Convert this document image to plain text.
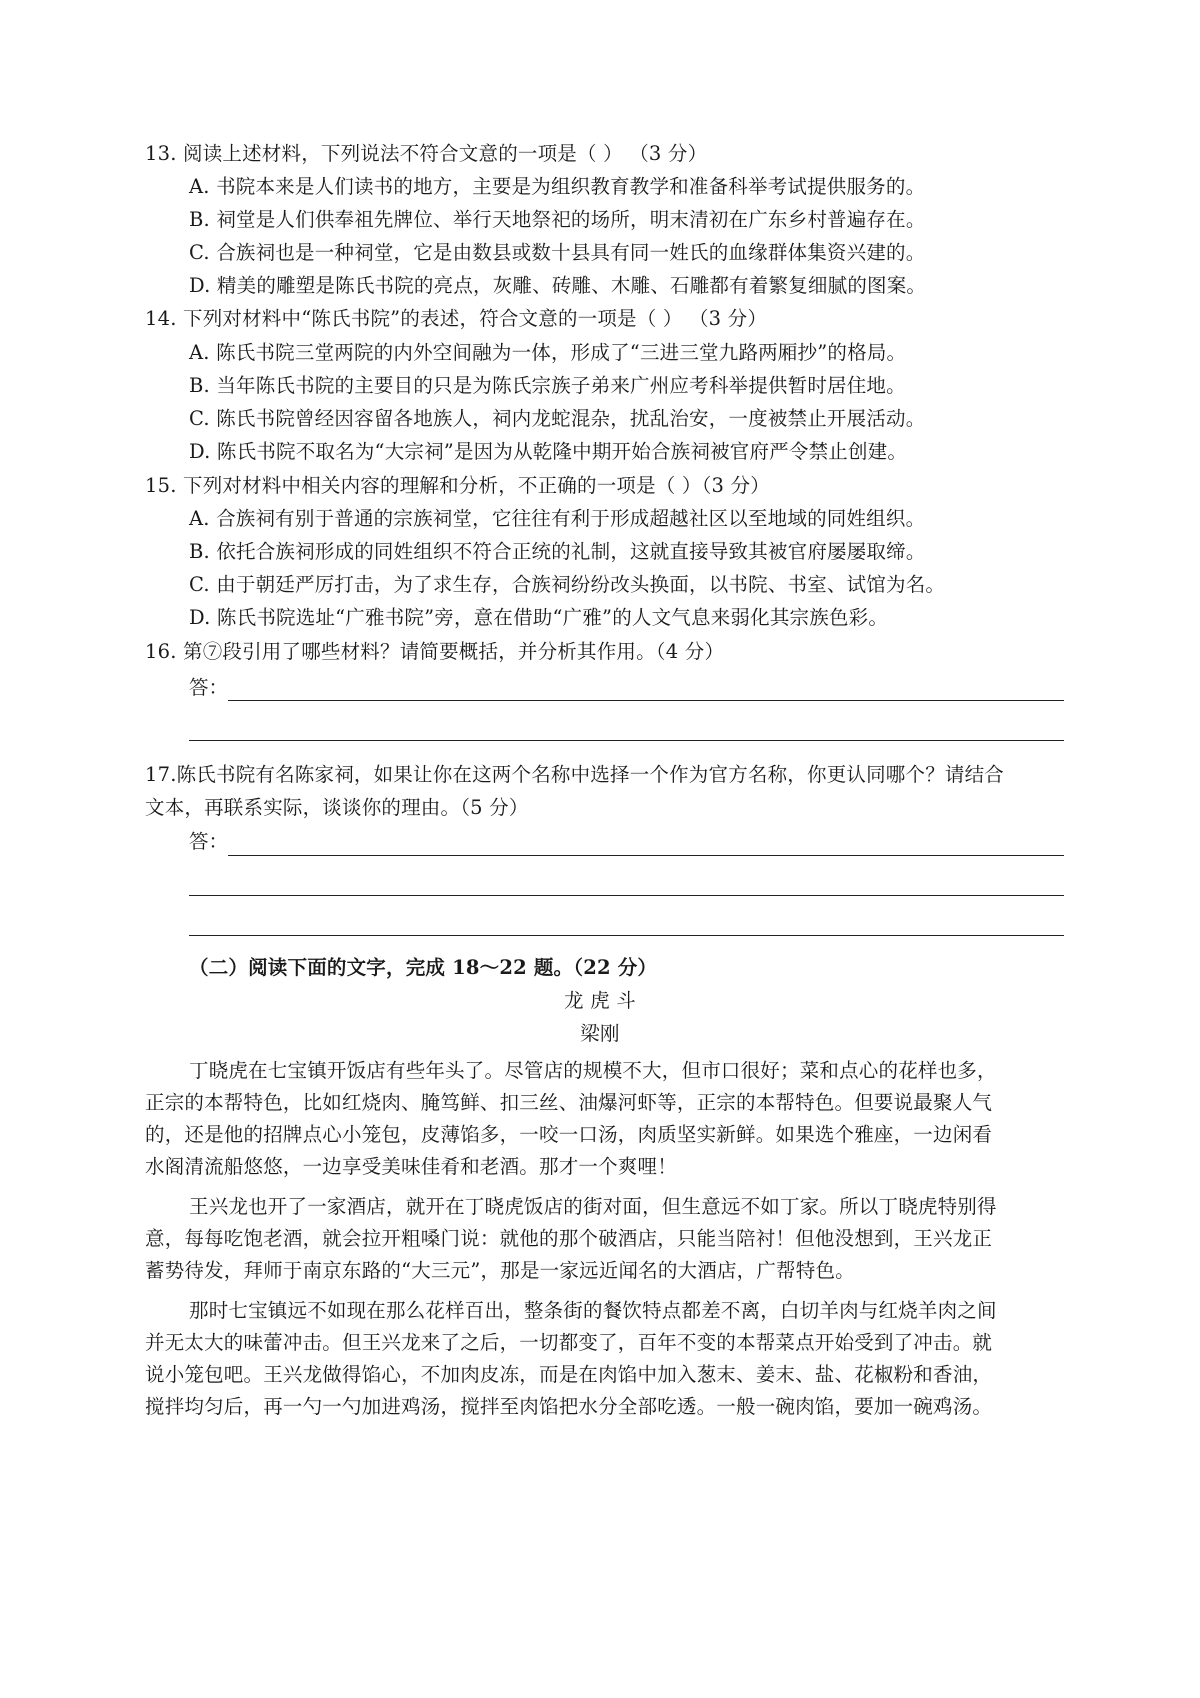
13. 阅读上述材料，下列说法不符合文意的一项是（ ） （3 分）
A. 书院本来是人们读书的地方，主要是为组织教育教学和准备科举考试提供服务的。
B. 祠堂是人们供奉祖先牌位、举行天地祭祀的场所，明末清初在广东乡村普遍存在。
C. 合族祠也是一种祠堂，它是由数县或数十县具有同一姓氏的血缘群体集资兴建的。
D. 精美的雕塑是陈氏书院的亮点，灰雕、砖雕、木雕、石雕都有着繁复细腻的图案。
14. 下列对材料中“陈氏书院”的表述，符合文意的一项是（ ） （3 分）
A. 陈氏书院三堂两院的内外空间融为一体，形成了“三进三堂九路两厢抄”的格局。
B. 当年陈氏书院的主要目的只是为陈氏宗族子弟来广州应考科举提供暂时居住地。
C. 陈氏书院曾经因容留各地族人，祠内龙蛇混杂，扰乱治安，一度被禁止开展活动。
D. 陈氏书院不取名为“大宗祠”是因为从乾隆中期开始合族祠被官府严令禁止创建。
15. 下列对材料中相关内容的理解和分析，不正确的一项是（ ）（3 分）
A. 合族祠有别于普通的宗族祠堂，它往往有利于形成超越社区以至地域的同姓组织。
B. 依托合族祠形成的同姓组织不符合正统的礼制，这就直接导致其被官府屡屡取缔。
C. 由于朝廷严厉打击，为了求生存，合族祠纷纷改头换面，以书院、书室、试馆为名。
D. 陈氏书院选址“广雅书院”旁，意在借助“广雅”的人文气息来弱化其宗族色彩。
16. 第⑦段引用了哪些材料？请简要概括，并分析其作用。（4 分）
答：
17.陈氏书院有名陈家祠，如果让你在这两个名称中选择一个作为官方名称，你更认同哪个？请结合
文本，再联系实际，谈谈你的理由。（5 分）
答：
（二）阅读下面的文字，完成 18～22 题。（22 分）
龙 虎 斗
梁刚
丁晓虎在七宝镇开饭店有些年头了。尽管店的规模不大，但市口很好；菜和点心的花样也多，
正宗的本帮特色，比如红烧肉、腌笃鲜、扣三丝、油爆河虾等，正宗的本帮特色。但要说最聚人气
的，还是他的招牌点心小笼包，皮薄馅多，一咬一口汤，肉质坚实新鲜。如果选个雅座，一边闲看
水阁清流船悠悠，一边享受美味佳肴和老酒。那才一个爽哩！
王兴龙也开了一家酒店，就开在丁晓虎饭店的街对面，但生意远不如丁家。所以丁晓虎特别得
意，每每吃饱老酒，就会拉开粗嗓门说：就他的那个破酒店，只能当陪衬！但他没想到，王兴龙正
蓄势待发，拜师于南京东路的“大三元”，那是一家远近闻名的大酒店，广帮特色。
那时七宝镇远不如现在那么花样百出，整条街的餐饮特点都差不离，白切羊肉与红烧羊肉之间
并无太大的味蕾冲击。但王兴龙来了之后，一切都变了，百年不变的本帮菜点开始受到了冲击。就
说小笼包吧。王兴龙做得馅心，不加肉皮冻，而是在肉馅中加入葱末、姜末、盐、花椒粉和香油，
搅拌均匀后，再一勺一勺加进鸡汤，搅拌至肉馅把水分全部吃透。一般一碗肉馅，要加一碗鸡汤。
